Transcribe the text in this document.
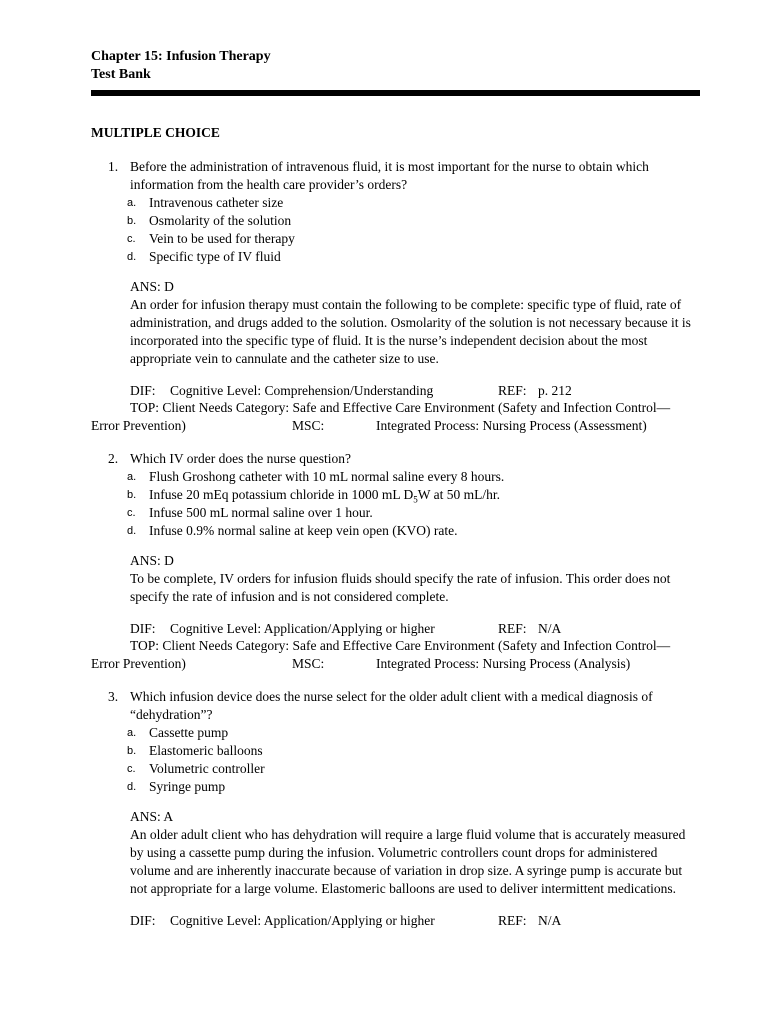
Chapter 15: Infusion Therapy
Test Bank
MULTIPLE CHOICE
1. Before the administration of intravenous fluid, it is most important for the nurse to obtain which information from the health care provider’s orders?
a. Intravenous catheter size
b. Osmolarity of the solution
c. Vein to be used for therapy
d. Specific type of IV fluid
ANS: D
An order for infusion therapy must contain the following to be complete: specific type of fluid, rate of administration, and drugs added to the solution. Osmolarity of the solution is not necessary because it is incorporated into the specific type of fluid. It is the nurse’s independent decision about the most appropriate vein to cannulate and the catheter size to use.
DIF: Cognitive Level: Comprehension/Understanding	REF: p. 212
TOP: Client Needs Category: Safe and Effective Care Environment (Safety and Infection Control—
Error Prevention)	MSC:	Integrated Process: Nursing Process (Assessment)
2. Which IV order does the nurse question?
a. Flush Groshong catheter with 10 mL normal saline every 8 hours.
b. Infuse 20 mEq potassium chloride in 1000 mL $D_5W$ at 50 mL/hr.
c. Infuse 500 mL normal saline over 1 hour.
d. Infuse 0.9% normal saline at keep vein open (KVO) rate.
ANS: D
To be complete, IV orders for infusion fluids should specify the rate of infusion. This order does not specify the rate of infusion and is not considered complete.
DIF: Cognitive Level: Application/Applying or higher	REF: N/A
TOP: Client Needs Category: Safe and Effective Care Environment (Safety and Infection Control—
Error Prevention)	MSC:	Integrated Process: Nursing Process (Analysis)
3. Which infusion device does the nurse select for the older adult client with a medical diagnosis of “dehydration”?
a. Cassette pump
b. Elastomeric balloons
c. Volumetric controller
d. Syringe pump
ANS: A
An older adult client who has dehydration will require a large fluid volume that is accurately measured by using a cassette pump during the infusion. Volumetric controllers count drops for administered volume and are inherently inaccurate because of variation in drop size. A syringe pump is accurate but not appropriate for a large volume. Elastomeric balloons are used to deliver intermittent medications.
DIF: Cognitive Level: Application/Applying or higher	REF: N/A
